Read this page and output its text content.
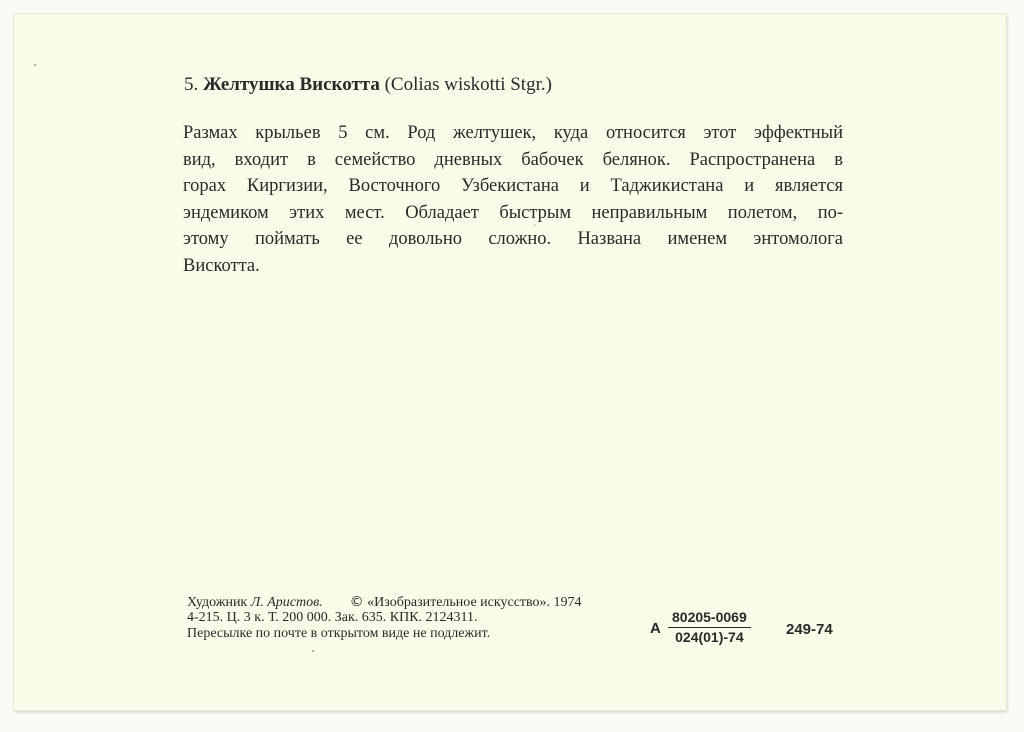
5. Желтушка Вискотта (Colias wiskotti Stgr.)
Размах крыльев 5 см. Род желтушек, куда относится этот эффектный
вид, входит в семейство дневных бабочек белянок. Распространена в
горах Киргизии, Восточного Узбекистана и Таджикистана и является
эндемиком этих мест. Обладает быстрым неправильным полетом, по-
этому поймать ее довольно сложно. Названа именем энтомолога
Вискотта.
Художник Л. Аристов. © «Изобразительное искусство». 1974
4-215. Ц. 3 к. Т. 200 000. Зак. 635. КПК. 2124311.
Пересылке по почте в открытом виде не подлежит.	А $\frac{80205-0069}{024(01)-74} 249-74$
